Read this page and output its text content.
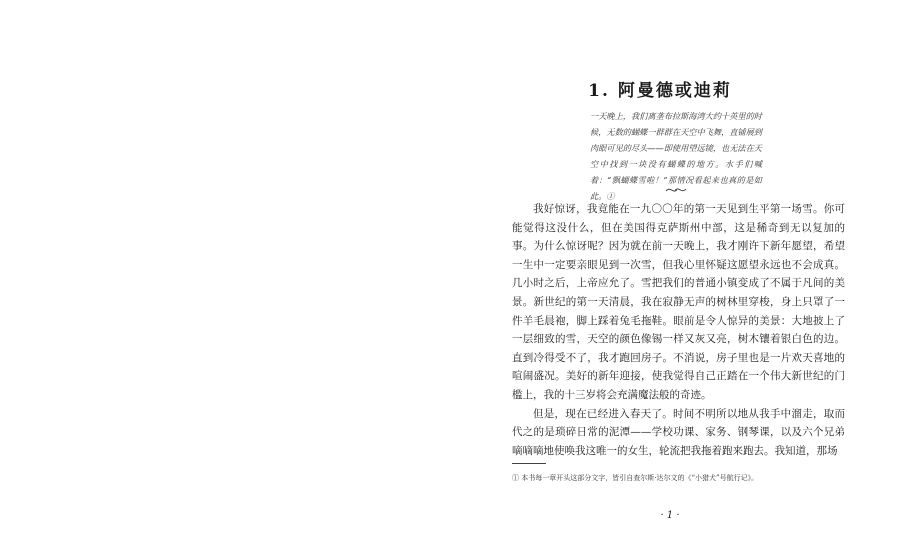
1. 阿曼德或迪莉

一天晚上，我们离垄布拉斯海湾大约十英里的时候，无数的蝴蝶一群群在天空中飞舞，直铺展到肉眼可见的尽头——即使用望远镜，也无法在天空中找到一块没有蝴蝶的地方。水手们喊着：“飘蝴蝶雪啦！”那情况看起来也真的是如此。①

我好惊讶，我竟能在一九〇〇年的第一天见到生平第一场雪。你可能觉得这没什么，但在美国得克萨斯州中部，这是稀奇到无以复加的事。为什么惊讶呢？因为就在前一天晚上，我才刚许下新年愿望，希望一生中一定要亲眼见到一次雪，但我心里怀疑这愿望永远也不会成真。几小时之后，上帝应允了。雪把我们的普通小镇变成了不属于凡间的美景。新世纪的第一天清晨，我在寂静无声的树林里穿梭，身上只罩了一件羊毛晨袍，脚上踩着兔毛拖鞋。眼前是令人惊异的美景：大地披上了一层细致的雪，天空的颜色像锡一样又灰又亮，树木镶着银白色的边。直到冷得受不了，我才跑回房子。不消说，房子里也是一片欢天喜地的喧闹盛况。美好的新年迎接，使我觉得自己正踏在一个伟大新世纪的门槛上，我的十三岁将会充满魔法般的奇迹。

但是，现在已经进入春天了。时间不明所以地从我手中溜走，取而代之的是琐碎日常的泥潭——学校功课、家务、钢琴课，以及六个兄弟嘀嘀嘀地使唤我这唯一的女生，轮流把我拖着跑来跑去。我知道，那场

① 本书每一章开头这部分文字，皆引自查尔斯·达尔文的《“小猎犬”号航行记》。

· 1 ·
